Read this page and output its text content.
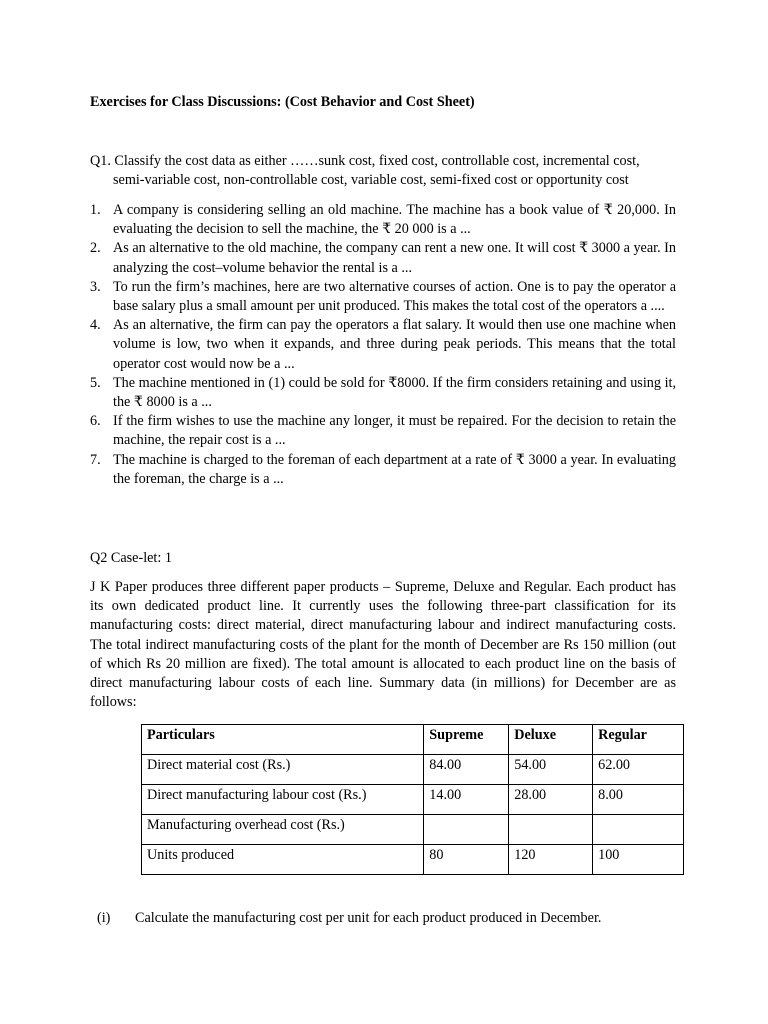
Exercises for Class Discussions: (Cost Behavior and Cost Sheet)
Q1. Classify the cost data as either ……sunk cost, fixed cost, controllable cost, incremental cost,
semi-variable cost, non-controllable cost, variable cost, semi-fixed cost or opportunity cost
1. A company is considering selling an old machine. The machine has a book value of ₹ 20,000. In evaluating the decision to sell the machine, the ₹ 20 000 is a ...
2. As an alternative to the old machine, the company can rent a new one. It will cost ₹ 3000 a year. In analyzing the cost–volume behavior the rental is a ...
3. To run the firm’s machines, here are two alternative courses of action. One is to pay the operator a base salary plus a small amount per unit produced. This makes the total cost of the operators a ....
4. As an alternative, the firm can pay the operators a flat salary. It would then use one machine when volume is low, two when it expands, and three during peak periods. This means that the total operator cost would now be a ...
5. The machine mentioned in (1) could be sold for ₹8000. If the firm considers retaining and using it, the ₹ 8000 is a ...
6. If the firm wishes to use the machine any longer, it must be repaired. For the decision to retain the machine, the repair cost is a ...
7. The machine is charged to the foreman of each department at a rate of ₹ 3000 a year. In evaluating the foreman, the charge is a ...
Q2 Case-let: 1
J K Paper produces three different paper products – Supreme, Deluxe and Regular. Each product has its own dedicated product line. It currently uses the following three-part classification for its manufacturing costs: direct material, direct manufacturing labour and indirect manufacturing costs. The total indirect manufacturing costs of the plant for the month of December are Rs 150 million (out of which Rs 20 million are fixed). The total amount is allocated to each product line on the basis of direct manufacturing labour costs of each line. Summary data (in millions) for December are as follows:
Particulars	Supreme	Deluxe	Regular
Direct material cost (Rs.)	84.00	54.00	62.00
Direct manufacturing labour cost (Rs.)	14.00	28.00	8.00
Manufacturing overhead cost (Rs.)			
Units produced	80	120	100
(i) Calculate the manufacturing cost per unit for each product produced in December.
